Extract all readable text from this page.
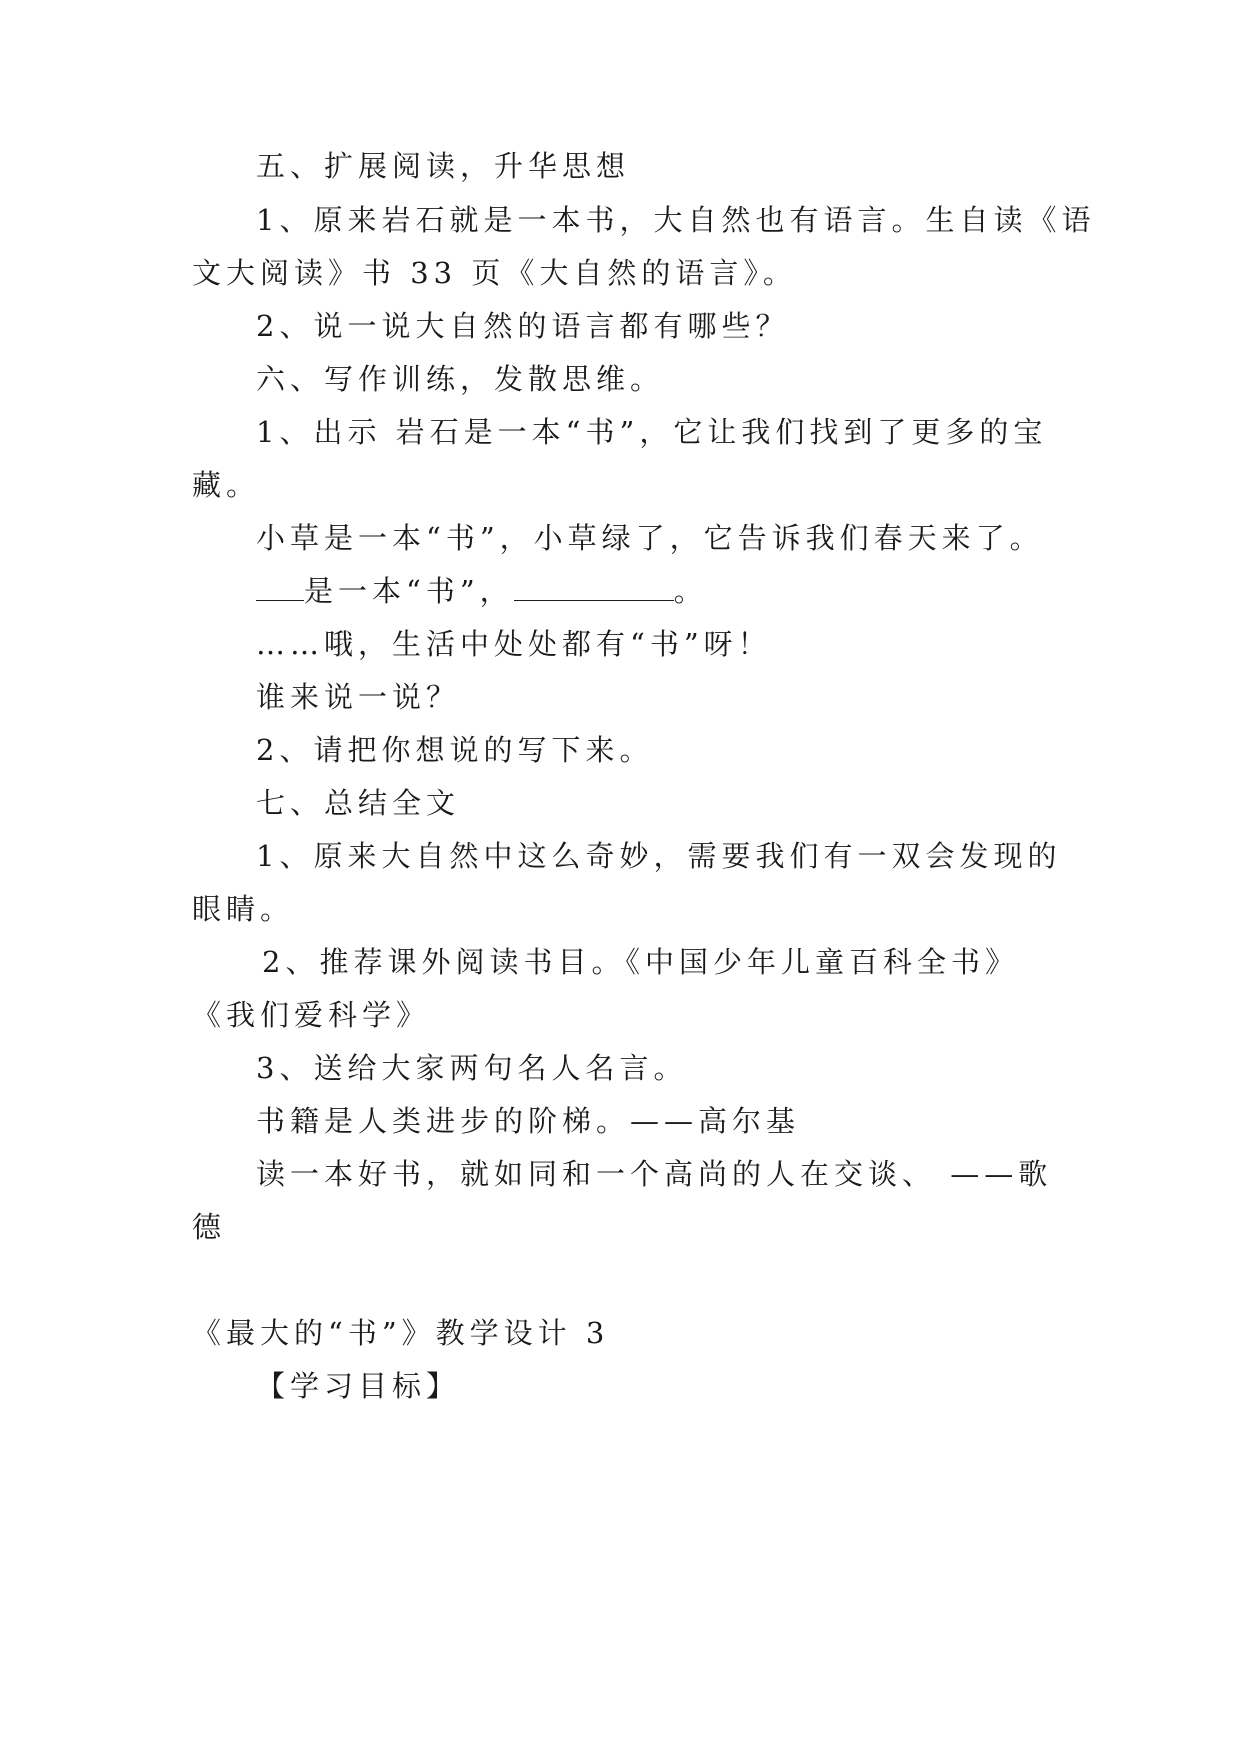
五、扩展阅读，升华思想

1、原来岩石就是一本书，大自然也有语言。生自读《语

文大阅读》书 33 页《大自然的语言》。

2、说一说大自然的语言都有哪些？

六、写作训练，发散思维。

1、出示 岩石是一本“书”，它让我们找到了更多的宝

藏。

小草是一本“书”，小草绿了，它告诉我们春天来了。

是一本“书”，	。

……哦，生活中处处都有“书”呀！

谁来说一说？

2、请把你想说的写下来。

七、总结全文

1、原来大自然中这么奇妙，需要我们有一双会发现的

眼睛。

2、推荐课外阅读书目。《中国少年儿童百科全书》

《我们爱科学》

3、送给大家两句名人名言。

书籍是人类进步的阶梯。——高尔基

读一本好书，就如同和一个高尚的人在交谈、 ——歌

德

《最大的“书”》教学设计 3

【学习目标】
